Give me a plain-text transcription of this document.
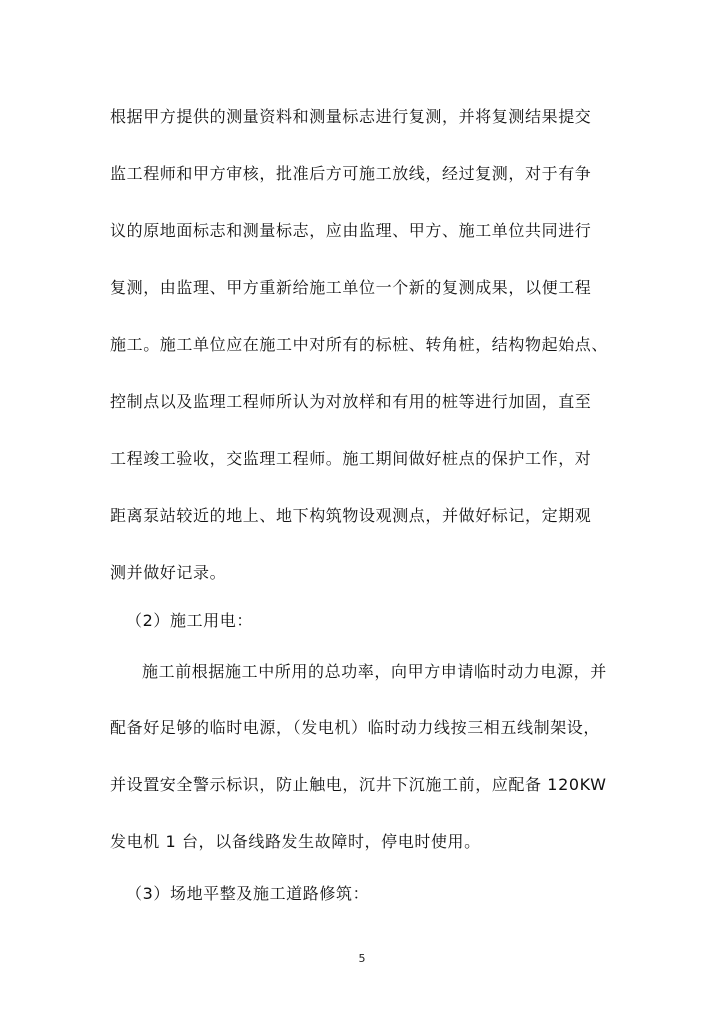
根据甲方提供的测量资料和测量标志进行复测，并将复测结果提交
监工程师和甲方审核，批准后方可施工放线，经过复测，对于有争
议的原地面标志和测量标志，应由监理、甲方、施工单位共同进行
复测，由监理、甲方重新给施工单位一个新的复测成果，以便工程
施工。施工单位应在施工中对所有的标桩、转角桩，结构物起始点、
控制点以及监理工程师所认为对放样和有用的桩等进行加固，直至
工程竣工验收，交监理工程师。施工期间做好桩点的保护工作，对
距离泵站较近的地上、地下构筑物设观测点，并做好标记，定期观
测并做好记录。
（2）施工用电：
施工前根据施工中所用的总功率，向甲方申请临时动力电源，并
配备好足够的临时电源，（发电机）临时动力线按三相五线制架设，
并设置安全警示标识，防止触电，沉井下沉施工前，应配备 120KW
发电机 1 台，以备线路发生故障时，停电时使用。
（3）场地平整及施工道路修筑：
5
